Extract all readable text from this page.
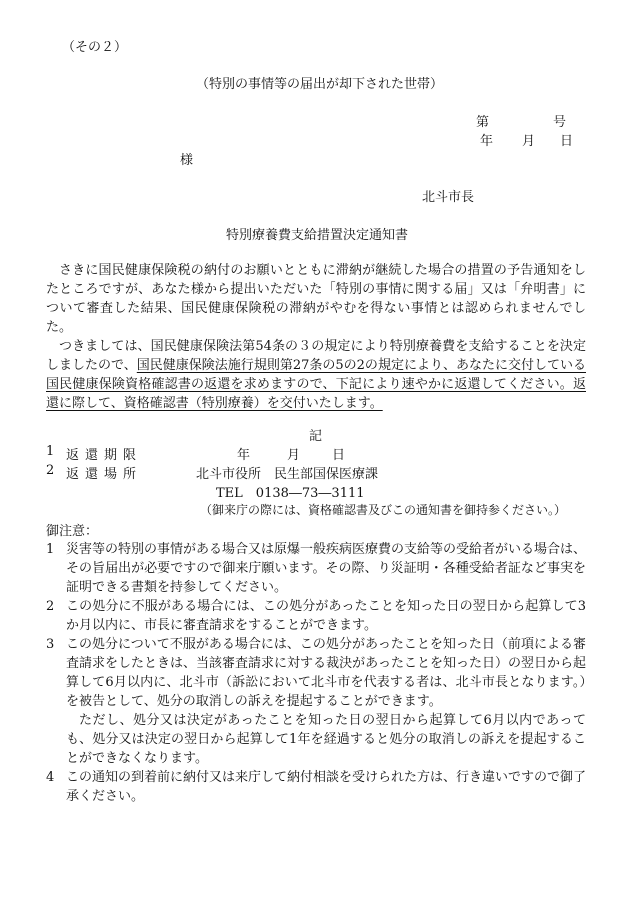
（その２）
（特別の事情等の届出が却下された世帯）
第	号
年 月 日
様
北斗市長
特別療養費支給措置決定通知書
さきに国民健康保険税の納付のお願いとともに滞納が継続した場合の措置の予告通知をしたところですが、あなた様から提出いただいた「特別の事情に関する届」又は「弁明書」について審査した結果、国民健康保険税の滞納がやむを得ない事情とは認められませんでした。
つきましては、国民健康保険法第54条の３の規定により特別療養費を支給することを決定しましたので、国民健康保険法施行規則第27条の5の2の規定により、あなたに交付している国民健康保険資格確認書の返還を求めますので、下記により速やかに返還してください。返還に際して、資格確認書（特別療養）を交付いたします。
記
1 返還期限	年	月 日
2 返還場所	北斗市役所　民生部国保医療課
TEL　0138―73―3111
（御来庁の際には、資格確認書及びこの通知書を御持参ください。）
御注意：
1 災害等の特別の事情がある場合又は原爆一般疾病医療費の支給等の受給者がいる場合は、その旨届出が必要ですので御来庁願います。その際、り災証明・各種受給者証など事実を証明できる書類を持参してください。
2 この処分に不服がある場合には、この処分があったことを知った日の翌日から起算して3か月以内に、市長に審査請求をすることができます。
3 この処分について不服がある場合には、この処分があったことを知った日（前項による審査請求をしたときは、当該審査請求に対する裁決があったことを知った日）の翌日から起算して6月以内に、北斗市（訴訟において北斗市を代表する者は、北斗市長となります。）を被告として、処分の取消しの訴えを提起することができます。
ただし、処分又は決定があったことを知った日の翌日から起算して6月以内であっても、処分又は決定の翌日から起算して1年を経過すると処分の取消しの訴えを提起することができなくなります。
4 この通知の到着前に納付又は来庁して納付相談を受けられた方は、行き違いですので御了承ください。
